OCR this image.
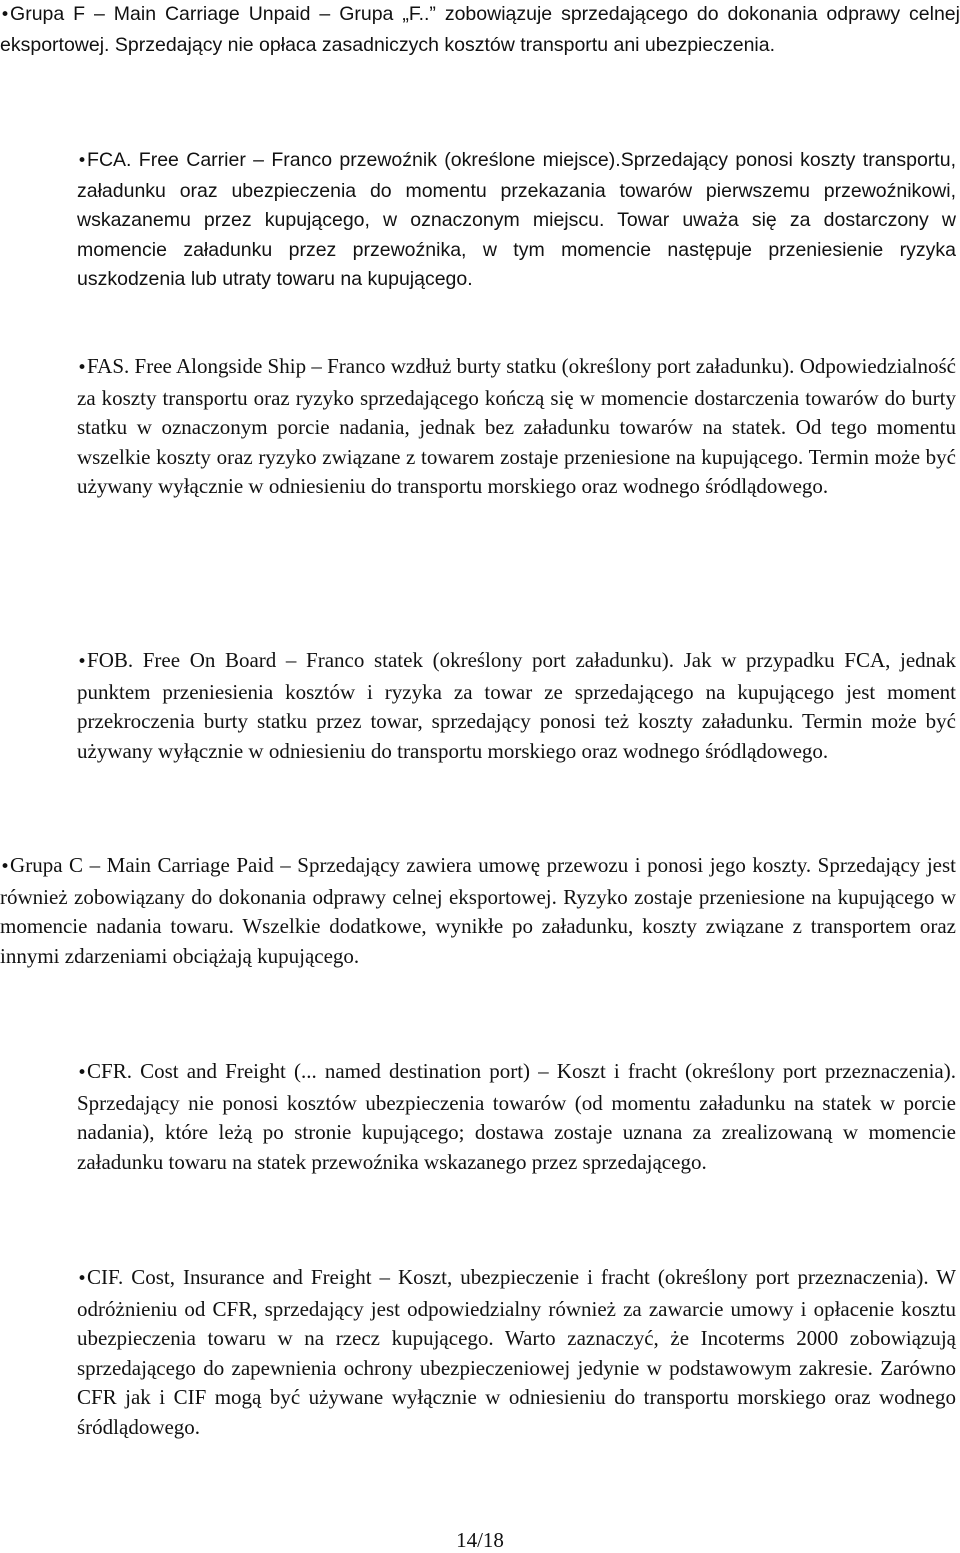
•Grupa F – Main Carriage Unpaid – Grupa „F..” zobowiązuje sprzedającego do dokonania odprawy celnej eksportowej. Sprzedający nie opłaca zasadniczych kosztów transportu ani ubezpieczenia.

•FCA. Free Carrier – Franco przewoźnik (określone miejsce).Sprzedający ponosi koszty transportu, załadunku oraz ubezpieczenia do momentu przekazania towarów pierwszemu przewoźnikowi, wskazanemu przez kupującego, w oznaczonym miejscu. Towar uważa się za dostarczony w momencie załadunku przez przewoźnika, w tym momencie następuje przeniesienie ryzyka uszkodzenia lub utraty towaru na kupującego.

•FAS. Free Alongside Ship – Franco wzdłuż burty statku (określony port załadunku). Odpowiedzialność za koszty transportu oraz ryzyko sprzedającego kończą się w momencie dostarczenia towarów do burty statku w oznaczonym porcie nadania, jednak bez załadunku towarów na statek. Od tego momentu wszelkie koszty oraz ryzyko związane z towarem zostaje przeniesione na kupującego. Termin może być używany wyłącznie w odniesieniu do transportu morskiego oraz wodnego śródlądowego.

•FOB. Free On Board – Franco statek (określony port załadunku). Jak w przypadku FCA, jednak punktem przeniesienia kosztów i ryzyka za towar ze sprzedającego na kupującego jest moment przekroczenia burty statku przez towar, sprzedający ponosi też koszty załadunku. Termin może być używany wyłącznie w odniesieniu do transportu morskiego oraz wodnego śródlądowego.

•Grupa C – Main Carriage Paid – Sprzedający zawiera umowę przewozu i ponosi jego koszty. Sprzedający jest również zobowiązany do dokonania odprawy celnej eksportowej. Ryzyko zostaje przeniesione na kupującego w momencie nadania towaru. Wszelkie dodatkowe, wynikłe po załadunku, koszty związane z transportem oraz innymi zdarzeniami obciążają kupującego.

•CFR. Cost and Freight (... named destination port) – Koszt i fracht (określony port przeznaczenia). Sprzedający nie ponosi kosztów ubezpieczenia towarów (od momentu załadunku na statek w porcie nadania), które leżą po stronie kupującego; dostawa zostaje uznana za zrealizowaną w momencie załadunku towaru na statek przewoźnika wskazanego przez sprzedającego.

•CIF. Cost, Insurance and Freight – Koszt, ubezpieczenie i fracht (określony port przeznaczenia). W odróżnieniu od CFR, sprzedający jest odpowiedzialny również za zawarcie umowy i opłacenie kosztu ubezpieczenia towaru w na rzecz kupującego. Warto zaznaczyć, że Incoterms 2000 zobowiązują sprzedającego do zapewnienia ochrony ubezpieczeniowej jedynie w podstawowym zakresie. Zarówno CFR jak i CIF mogą być używane wyłącznie w odniesieniu do transportu morskiego oraz wodnego śródlądowego.

14/18
